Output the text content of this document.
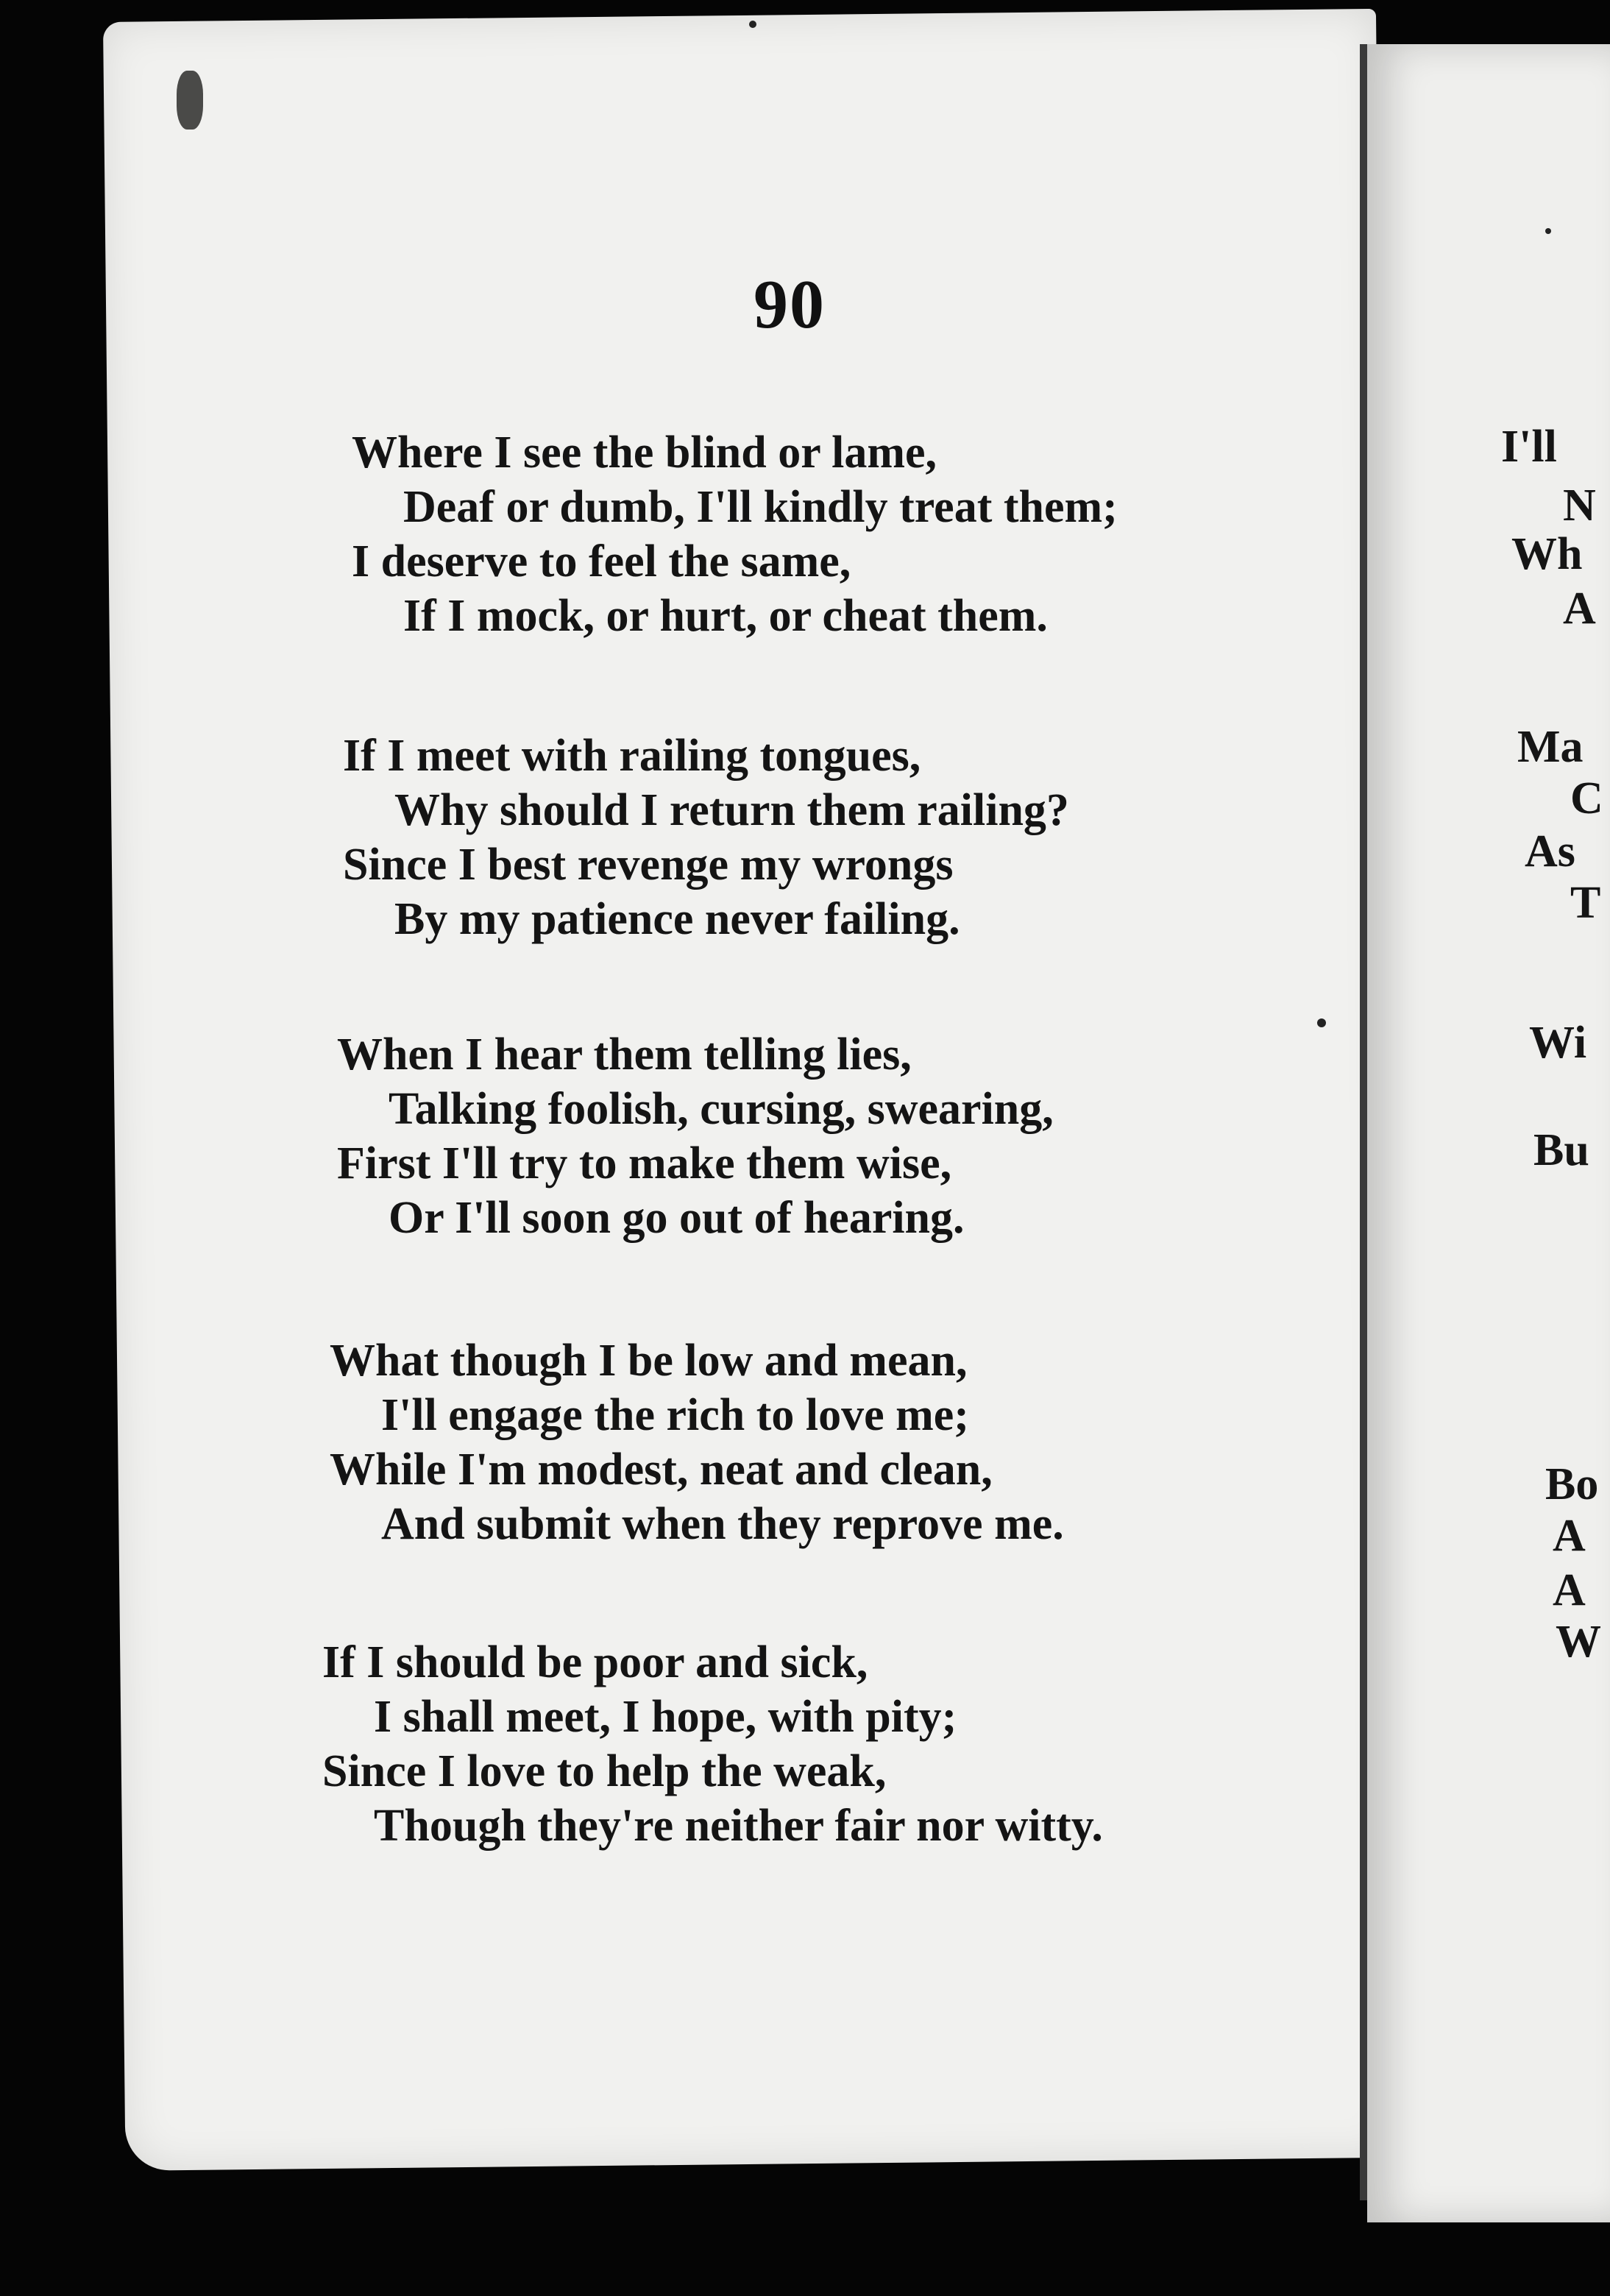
90
Where I see the blind or lame,
Deaf or dumb, I'll kindly treat them;
I deserve to feel the same,
If I mock, or hurt, or cheat them.
If I meet with railing tongues,
Why should I return them railing?
Since I best revenge my wrongs
By my patience never failing.
When I hear them telling lies,
Talking foolish, cursing, swearing,
First I'll try to make them wise,
Or I'll soon go out of hearing.
What though I be low and mean,
I'll engage the rich to love me;
While I'm modest, neat and clean,
And submit when they reprove me.
If I should be poor and sick,
I shall meet, I hope, with pity;
Since I love to help the weak,
Though they're neither fair nor witty.
I'll
N
Wh
A
Ma
C
As
T
Wi
Bu
Bo
A
A
W
